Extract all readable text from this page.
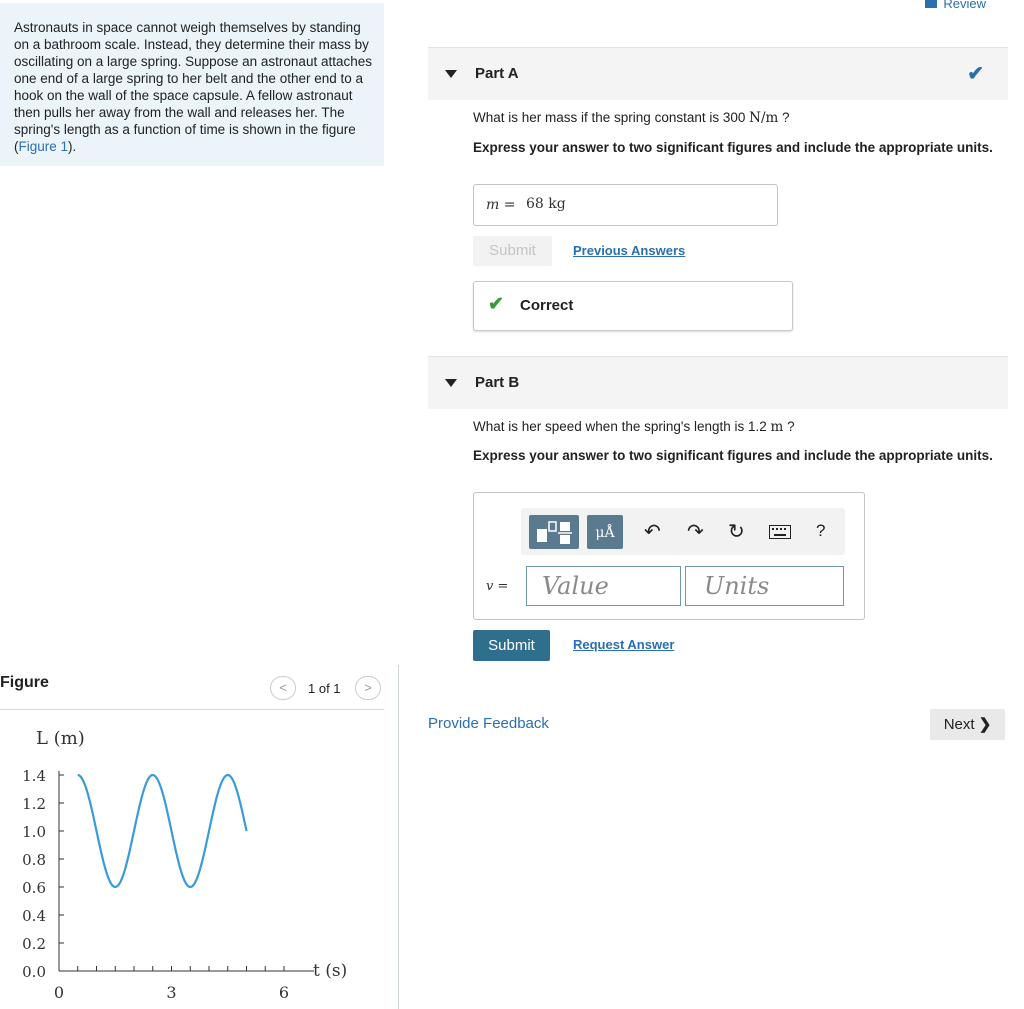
Astronauts in space cannot weigh themselves by standing on a bathroom scale. Instead, they determine their mass by oscillating on a large spring. Suppose an astronaut attaches one end of a large spring to her belt and the other end to a hook on the wall of the space capsule. A fellow astronaut then pulls her away from the wall and releases her. The spring's length as a function of time is shown in the figure (Figure 1).
Review
Part A	✔
What is her mass if the spring constant is 300 N/m ?
Express your answer to two significant figures and include the appropriate units.
m = 68 kg
Submit	Previous Answers
✔ Correct
Part B
What is her speed when the spring's length is 1.2 m ?
Express your answer to two significant figures and include the appropriate units.
μÅ	↶ ↷ ↻	?
v =	Value	Units
Submit	Request Answer
Provide Feedback	Next ❯
Figure	<	1 of 1	>
0.0
0.2
0.4
0.6
0.8
1.0
1.2
1.4
0	3	6
L (m)
t (s)
